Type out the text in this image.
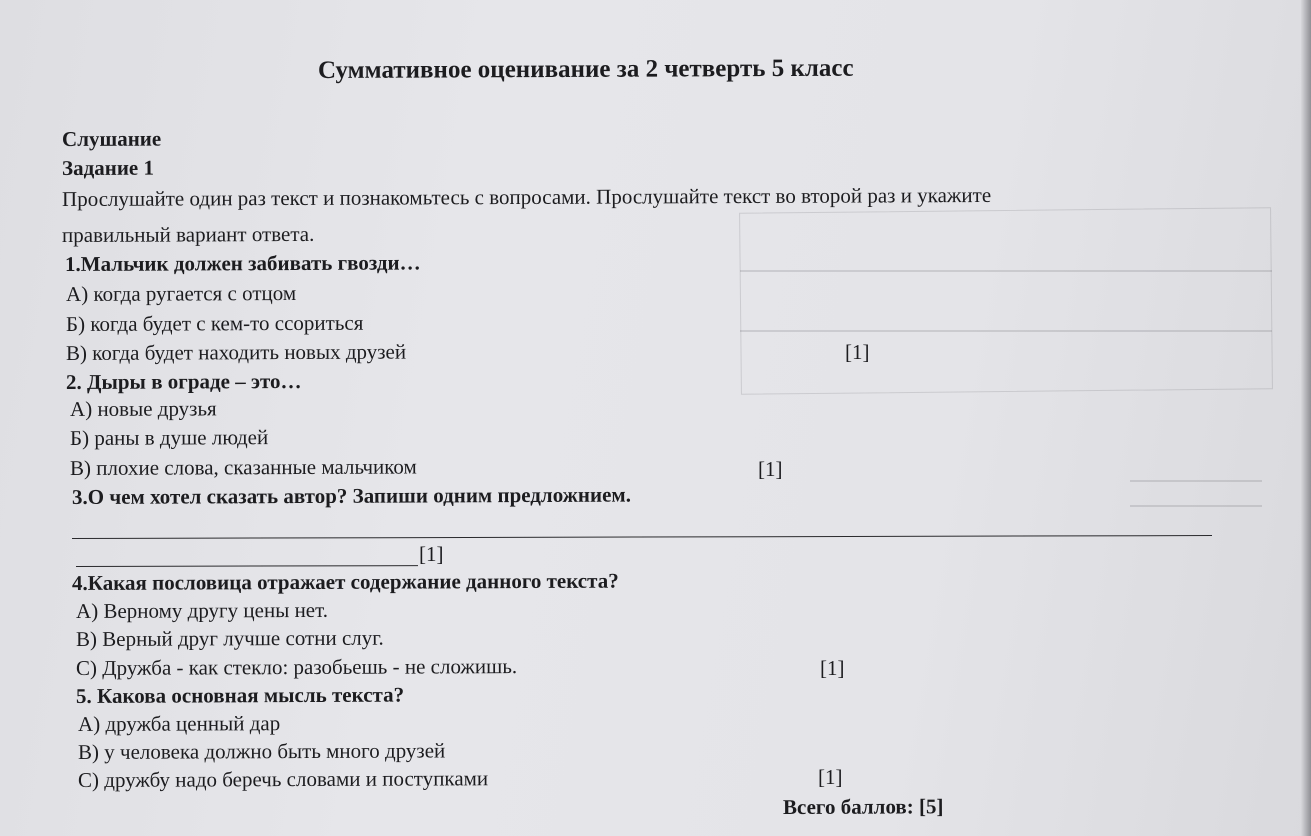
Суммативное оценивание за 2 четверть 5 класс
Слушание
Задание 1
Прослушайте один раз текст и познакомьтесь с вопросами. Прослушайте текст во второй раз и укажите
правильный вариант ответа.
1.Мальчик должен забивать гвозди…
А) когда ругается с отцом
Б) когда будет с кем-то ссориться
В) когда будет находить новых друзей	[1]
2. Дыры в ограде – это…
А) новые друзья
Б) раны в душе людей
В) плохие слова, сказанные мальчиком	[1]
3.О чем хотел сказать автор? Запиши одним предложнием.
[1]
4.Какая пословица отражает содержание данного текста?
А) Верному другу цены нет.
В) Верный друг лучше сотни слуг.
С) Дружба - как стекло: разобьешь - не сложишь.	[1]
5. Какова основная мысль текста?
А) дружба ценный дар
В) у человека должно быть много друзей
С) дружбу надо беречь словами и поступками	[1]
Всего баллов: [5]
